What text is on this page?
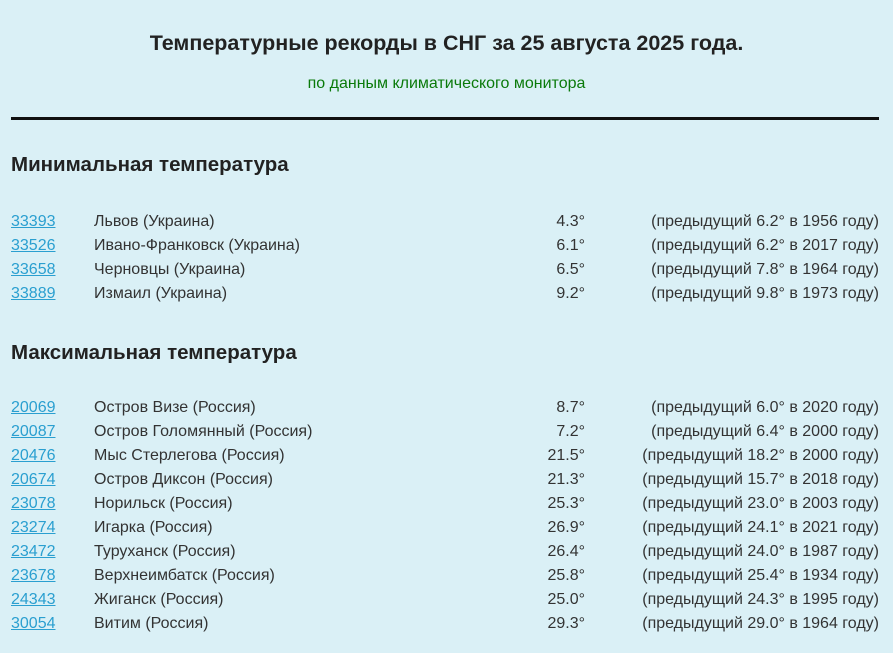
Температурные рекорды в СНГ за 25 августа 2025 года.
по данным климатического монитора
Минимальная температура
33393 Львов (Украина)	4.3°	(предыдущий 6.2° в 1956 году)
33526 Ивано-Франковск (Украина)	6.1°	(предыдущий 6.2° в 2017 году)
33658 Черновцы (Украина)	6.5°	(предыдущий 7.8° в 1964 году)
33889 Измаил (Украина)	9.2°	(предыдущий 9.8° в 1973 году)
Максимальная температура
20069 Остров Визе (Россия)	8.7°	(предыдущий 6.0° в 2020 году)
20087 Остров Голомянный (Россия)	7.2°	(предыдущий 6.4° в 2000 году)
20476 Мыс Стерлегова (Россия)	21.5°	(предыдущий 18.2° в 2000 году)
20674 Остров Диксон (Россия)	21.3°	(предыдущий 15.7° в 2018 году)
23078 Норильск (Россия)	25.3°	(предыдущий 23.0° в 2003 году)
23274 Игарка (Россия)	26.9°	(предыдущий 24.1° в 2021 году)
23472 Туруханск (Россия)	26.4°	(предыдущий 24.0° в 1987 году)
23678 Верхнеимбатск (Россия)	25.8°	(предыдущий 25.4° в 1934 году)
24343 Жиганск (Россия)	25.0°	(предыдущий 24.3° в 1995 году)
30054 Витим (Россия)	29.3°	(предыдущий 29.0° в 1964 году)
